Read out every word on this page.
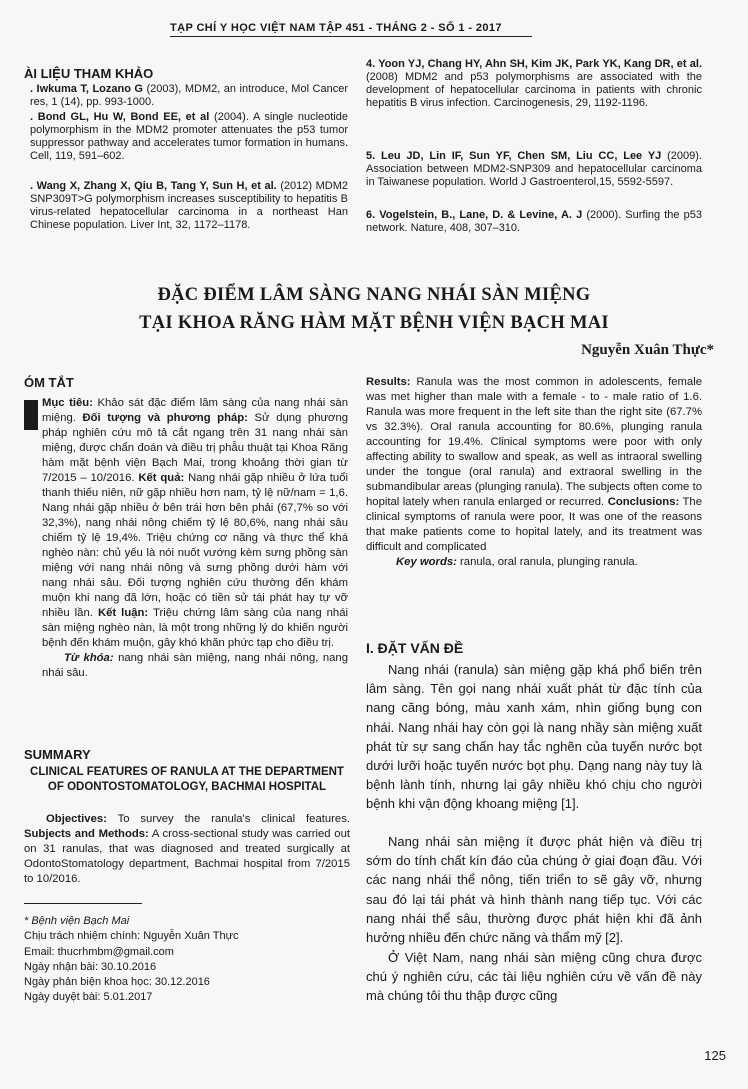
TẠP CHÍ Y HỌC VIỆT NAM TẬP 451 - THÁNG 2 - SỐ 1 - 2017
ÀI LIỆU THAM KHẢO
. Iwkuma T, Lozano G (2003), MDM2, an introduce, Mol Cancer res, 1 (14), pp. 993-1000.
. Bond GL, Hu W, Bond EE, et al (2004). A single nucleotide polymorphism in the MDM2 promoter attenuates the p53 tumor suppressor pathway and accelerates tumor formation in humans. Cell, 119, 591–602.
. Wang X, Zhang X, Qiu B, Tang Y, Sun H, et al. (2012) MDM2 SNP309T>G polymorphism increases susceptibility to hepatitis B virus-related hepatocellular carcinoma in a northeast Han Chinese population. Liver Int, 32, 1172–1178.
4. Yoon YJ, Chang HY, Ahn SH, Kim JK, Park YK, Kang DR, et al. (2008) MDM2 and p53 polymorphisms are associated with the development of hepatocellular carcinoma in patients with chronic hepatitis B virus infection. Carcinogenesis, 29, 1192-1196.
5. Leu JD, Lin IF, Sun YF, Chen SM, Liu CC, Lee YJ (2009). Association between MDM2-SNP309 and hepatocellular carcinoma in Taiwanese population. World J Gastroenterol,15, 5592-5597.
6. Vogelstein, B., Lane, D. & Levine, A. J (2000). Surfing the p53 network. Nature, 408, 307–310.
ĐẶC ĐIỂM LÂM SÀNG NANG NHÁI SÀN MIỆNG
TẠI KHOA RĂNG HÀM MẶT BỆNH VIỆN BẠCH MAI
Nguyễn Xuân Thực*
ÓM TẮT
Mục tiêu: Khảo sát đặc điểm lâm sàng của nang nhái sàn miệng. Đối tượng và phương pháp: Sử dụng phương pháp nghiên cứu mô tả cắt ngang trên 31 nang nhái sàn miệng, được chẩn đoán và điều trị phẫu thuật tại Khoa Răng hàm mặt bệnh viện Bạch Mai, trong khoảng thời gian từ 7/2015 – 10/2016. Kết quả: Nang nhái gặp nhiều ở lứa tuổi thanh thiếu niên, nữ gặp nhiều hơn nam, tỷ lệ nữ/nam = 1,6. Nang nhái gặp nhiều ở bên trái hơn bên phải (67,7% so với 32,3%), nang nhái nông chiếm tỷ lệ 80,6%, nang nhái sâu chiếm tỷ lệ 19,4%. Triệu chứng cơ năng và thực thể khá nghèo nàn: chủ yếu là nói nuốt vướng kèm sưng phồng sàn miệng với nang nhái nông và sưng phồng dưới hàm với nang nhái sâu. Đối tượng nghiên cứu thường đến khám muộn khi nang đã lớn, hoặc có tiền sử tái phát hay tự vỡ nhiều lần. Kết luận: Triệu chứng lâm sàng của nang nhái sàn miệng nghèo nàn, là một trong những lý do khiến người bệnh đến khám muộn, gây khó khăn phức tạp cho điều trị.
Từ khóa: nang nhái sàn miệng, nang nhái nông, nang nhái sâu.
SUMMARY
CLINICAL FEATURES OF RANULA AT THE DEPARTMENT OF ODONTOSTOMATOLOGY, BACHMAI HOSPITAL
Objectives: To survey the ranula's clinical features. Subjects and Methods: A cross-sectional study was carried out on 31 ranulas, that was diagnosed and treated surgically at OdontoStomatology department, Bachmai hospital from 7/2015 to 10/2016.
Results: Ranula was the most common in adolescents, female was met higher than male with a female - to - male ratio of 1.6. Ranula was more frequent in the left site than the right site (67.7% vs 32.3%). Oral ranula accounting for 80.6%, plunging ranula accounting for 19.4%. Clinical symptoms were poor with only affecting ability to swallow and speak, as well as intraoral swelling under the tongue (oral ranula) and extraoral swelling in the submandibular areas (plunging ranula). The subjects often come to hopital lately when ranula enlarged or recurred. Conclusions: The clinical symptoms of ranula were poor, It was one of the reasons that make patients come to hopital lately, and its treatment was difficult and complicated
Key words: ranula, oral ranula, plunging ranula.
I. ĐẶT VẤN ĐỀ
Nang nhái (ranula) sàn miệng gặp khá phổ biến trên lâm sàng. Tên gọi nang nhái xuất phát từ đặc tính của nang căng bóng, màu xanh xám, nhìn giống bụng con nhái. Nang nhái hay còn gọi là nang nhầy sàn miệng xuất phát từ sự sang chấn hay tắc nghẽn của tuyến nước bọt dưới lưỡi hoặc tuyến nước bọt phụ. Dạng nang này tuy là bệnh lành tính, nhưng lại gây nhiều khó chịu cho người bệnh khi vận động khoang miệng [1].
Nang nhái sàn miệng ít được phát hiện và điều trị sớm do tính chất kín đáo của chúng ở giai đoạn đầu. Với các nang nhái thể nông, tiến triển to sẽ gây vỡ, nhưng sau đó lại tái phát và hình thành nang tiếp tục. Với các nang nhái thể sâu, thường được phát hiện khi đã ảnh hưởng nhiều đến chức năng và thẩm mỹ [2].
Ở Việt Nam, nang nhái sàn miệng cũng chưa được chú ý nghiên cứu, các tài liệu nghiên cứu về vấn đề này mà chúng tôi thu thập được cũng
* Bệnh viện Bạch Mai
Chịu trách nhiệm chính: Nguyễn Xuân Thực
Email: thucrhmbm@gmail.com
Ngày nhận bài: 30.10.2016
Ngày phản biện khoa học: 30.12.2016
Ngày duyệt bài: 5.01.2017
125
